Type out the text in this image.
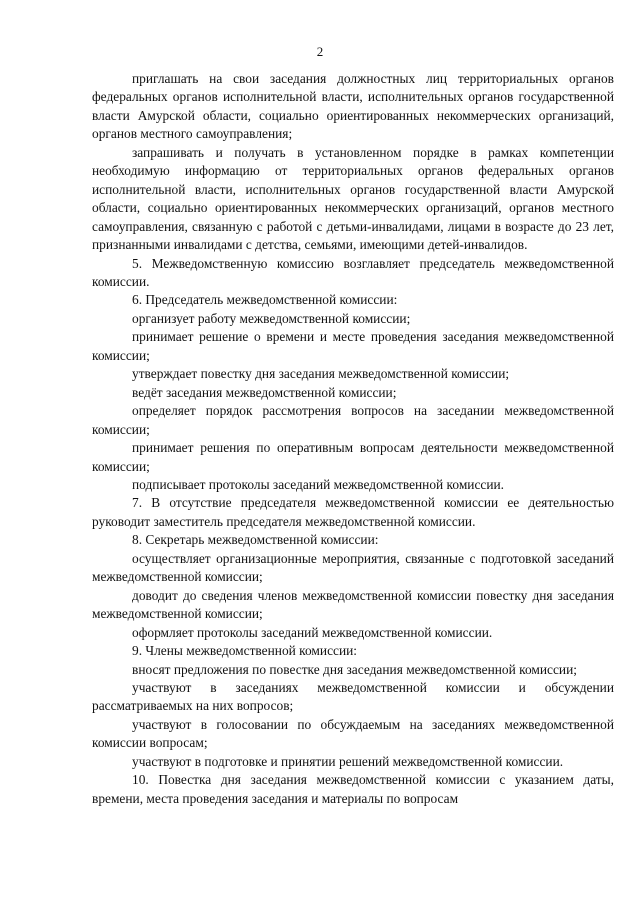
2

приглашать на свои заседания должностных лиц территориальных органов федеральных органов исполнительной власти, исполнительных органов государственной власти Амурской области, социально ориентированных некоммерческих организаций, органов местного самоуправления;

запрашивать и получать в установленном порядке в рамках компетенции необходимую информацию от территориальных органов федеральных органов исполнительной власти, исполнительных органов государственной власти Амурской области, социально ориентированных некоммерческих организаций, органов местного самоуправления, связанную с работой с детьми-инвалидами, лицами в возрасте до 23 лет, признанными инвалидами с детства, семьями, имеющими детей-инвалидов.

5. Межведомственную комиссию возглавляет председатель межведомственной комиссии.

6. Председатель межведомственной комиссии:

организует работу межведомственной комиссии;

принимает решение о времени и месте проведения заседания межведомственной комиссии;

утверждает повестку дня заседания межведомственной комиссии;

ведёт заседания межведомственной комиссии;

определяет порядок рассмотрения вопросов на заседании межведомственной комиссии;

принимает решения по оперативным вопросам деятельности межведомственной комиссии;

подписывает протоколы заседаний межведомственной комиссии.

7. В отсутствие председателя межведомственной комиссии ее деятельностью руководит заместитель председателя межведомственной комиссии.

8. Секретарь межведомственной комиссии:

осуществляет организационные мероприятия, связанные с подготовкой заседаний межведомственной комиссии;

доводит до сведения членов межведомственной комиссии повестку дня заседания межведомственной комиссии;

оформляет протоколы заседаний межведомственной комиссии.

9. Члены межведомственной комиссии:

вносят предложения по повестке дня заседания межведомственной комиссии;

участвуют в заседаниях межведомственной комиссии и обсуждении рассматриваемых на них вопросов;

участвуют в голосовании по обсуждаемым на заседаниях межведомственной комиссии вопросам;

участвуют в подготовке и принятии решений межведомственной комиссии.

10. Повестка дня заседания межведомственной комиссии с указанием даты, времени, места проведения заседания и материалы по вопросам
